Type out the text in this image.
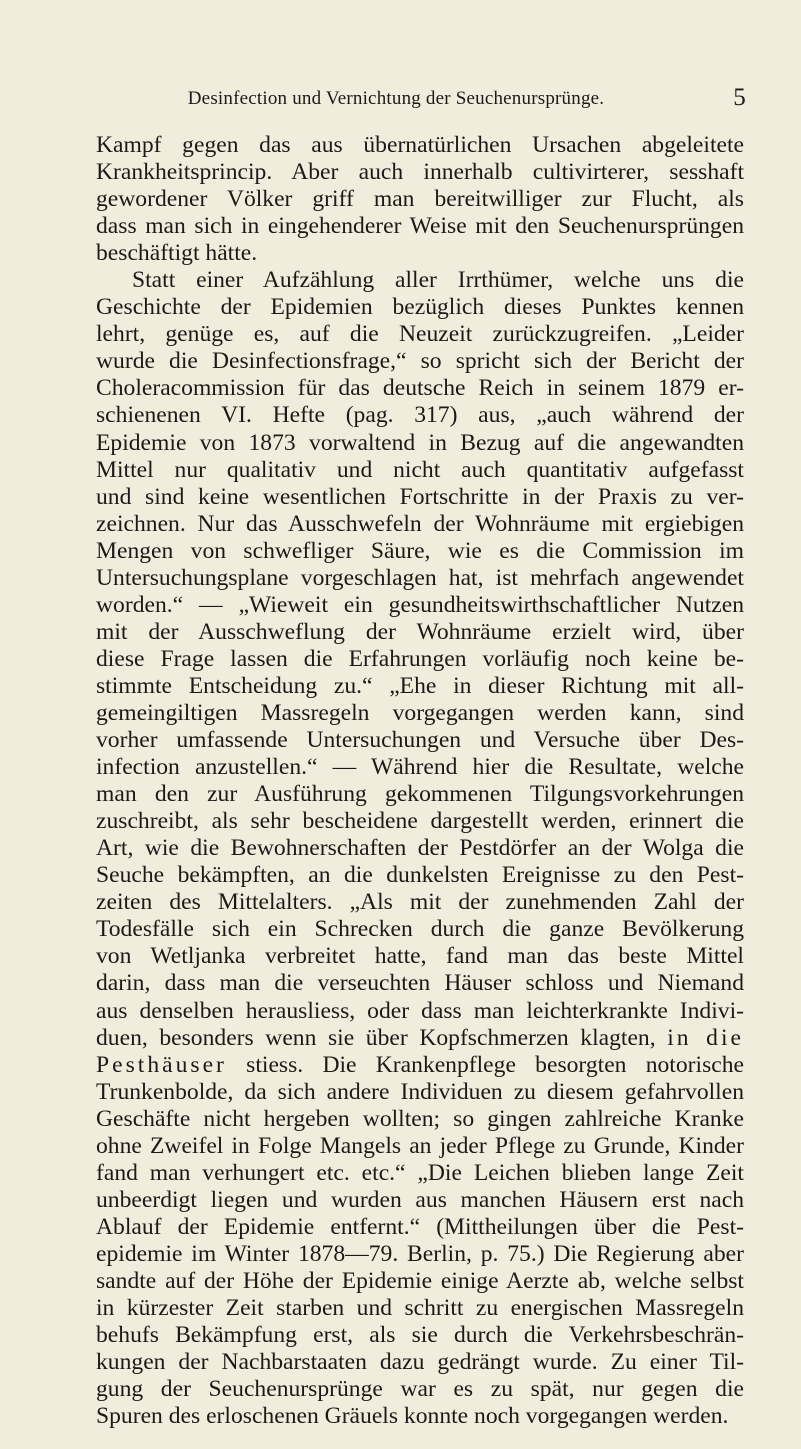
Desinfection und Vernichtung der Seuchenursprünge.	5
Kampf gegen das aus übernatürlichen Ursachen abgeleitete
Krankheitsprincip. Aber auch innerhalb cultivirterer, sesshaft
gewordener Völker griff man bereitwilliger zur Flucht, als
dass man sich in eingehenderer Weise mit den Seuchenursprüngen
beschäftigt hätte.
Statt einer Aufzählung aller Irrthümer, welche uns die
Geschichte der Epidemien bezüglich dieses Punktes kennen
lehrt, genüge es, auf die Neuzeit zurückzugreifen. „Leider
wurde die Desinfectionsfrage,“ so spricht sich der Bericht der
Choleracommission für das deutsche Reich in seinem 1879 er-
schienenen VI. Hefte (pag. 317) aus, „auch während der
Epidemie von 1873 vorwaltend in Bezug auf die angewandten
Mittel nur qualitativ und nicht auch quantitativ aufgefasst
und sind keine wesentlichen Fortschritte in der Praxis zu ver-
zeichnen. Nur das Ausschwefeln der Wohnräume mit ergiebigen
Mengen von schwefliger Säure, wie es die Commission im
Untersuchungsplane vorgeschlagen hat, ist mehrfach angewendet
worden.“ — „Wieweit ein gesundheitswirthschaftlicher Nutzen
mit der Ausschweflung der Wohnräume erzielt wird, über
diese Frage lassen die Erfahrungen vorläufig noch keine be-
stimmte Entscheidung zu.“ „Ehe in dieser Richtung mit all-
gemeingiltigen Massregeln vorgegangen werden kann, sind
vorher umfassende Untersuchungen und Versuche über Des-
infection anzustellen.“ — Während hier die Resultate, welche
man den zur Ausführung gekommenen Tilgungsvorkehrungen
zuschreibt, als sehr bescheidene dargestellt werden, erinnert die
Art, wie die Bewohnerschaften der Pestdörfer an der Wolga die
Seuche bekämpften, an die dunkelsten Ereignisse zu den Pest-
zeiten des Mittelalters. „Als mit der zunehmenden Zahl der
Todesfälle sich ein Schrecken durch die ganze Bevölkerung
von Wetljanka verbreitet hatte, fand man das beste Mittel
darin, dass man die verseuchten Häuser schloss und Niemand
aus denselben herausliess, oder dass man leichterkrankte Indivi-
duen, besonders wenn sie über Kopfschmerzen klagten, in die
Pesthäuser stiess. Die Krankenpflege besorgten notorische
Trunkenbolde, da sich andere Individuen zu diesem gefahrvollen
Geschäfte nicht hergeben wollten; so gingen zahlreiche Kranke
ohne Zweifel in Folge Mangels an jeder Pflege zu Grunde, Kinder
fand man verhungert etc. etc.“ „Die Leichen blieben lange Zeit
unbeerdigt liegen und wurden aus manchen Häusern erst nach
Ablauf der Epidemie entfernt.“ (Mittheilungen über die Pest-
epidemie im Winter 1878—79. Berlin, p. 75.) Die Regierung aber
sandte auf der Höhe der Epidemie einige Aerzte ab, welche selbst
in kürzester Zeit starben und schritt zu energischen Massregeln
behufs Bekämpfung erst, als sie durch die Verkehrsbeschrän-
kungen der Nachbarstaaten dazu gedrängt wurde. Zu einer Til-
gung der Seuchenursprünge war es zu spät, nur gegen die
Spuren des erloschenen Gräuels konnte noch vorgegangen werden.
